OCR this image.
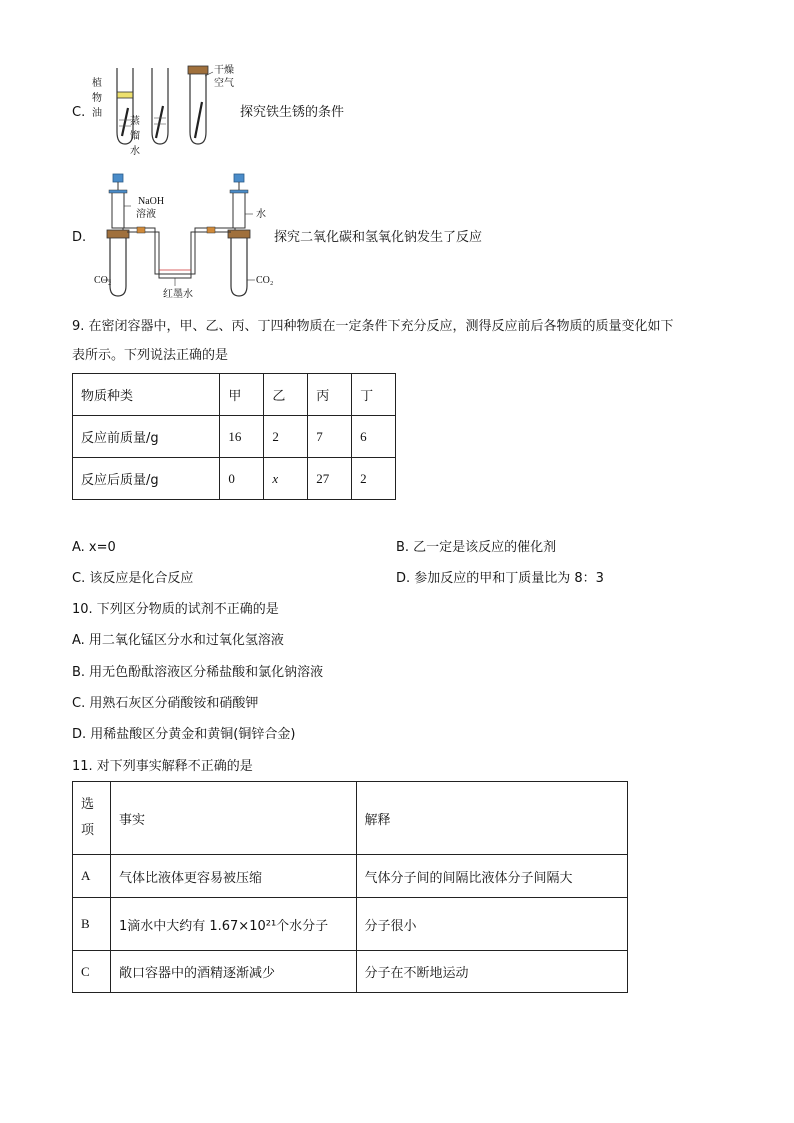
C.
植
物
油
蒸
馏
水
干燥
空气
探究铁生锈的条件
D.
NaOH
溶液	水
CO₂	CO₂
红墨水
探究二氧化碳和氢氧化钠发生了反应
9. 在密闭容器中，甲、乙、丙、丁四种物质在一定条件下充分反应，测得反应前后各物质的质量变化如下
表所示。下列说法正确的是
物质种类	甲	乙	丙	丁
反应前质量/g	16	2	7	6
反应后质量/g	0	x	27	2
A. x=0	B. 乙一定是该反应的催化剂
C. 该反应是化合反应	D. 参加反应的甲和丁质量比为 8：3
10. 下列区分物质的试剂不正确的是
A. 用二氧化锰区分水和过氧化氢溶液
B. 用无色酚酞溶液区分稀盐酸和氯化钠溶液
C. 用熟石灰区分硝酸铵和硝酸钾
D. 用稀盐酸区分黄金和黄铜(铜锌合金)
11. 对下列事实解释不正确的是
选项	事实	解释
A	气体比液体更容易被压缩	气体分子间的间隔比液体分子间隔大
B	1滴水中大约有 1.67×10²¹个水分子	分子很小
C	敞口容器中的酒精逐渐减少	分子在不断地运动
